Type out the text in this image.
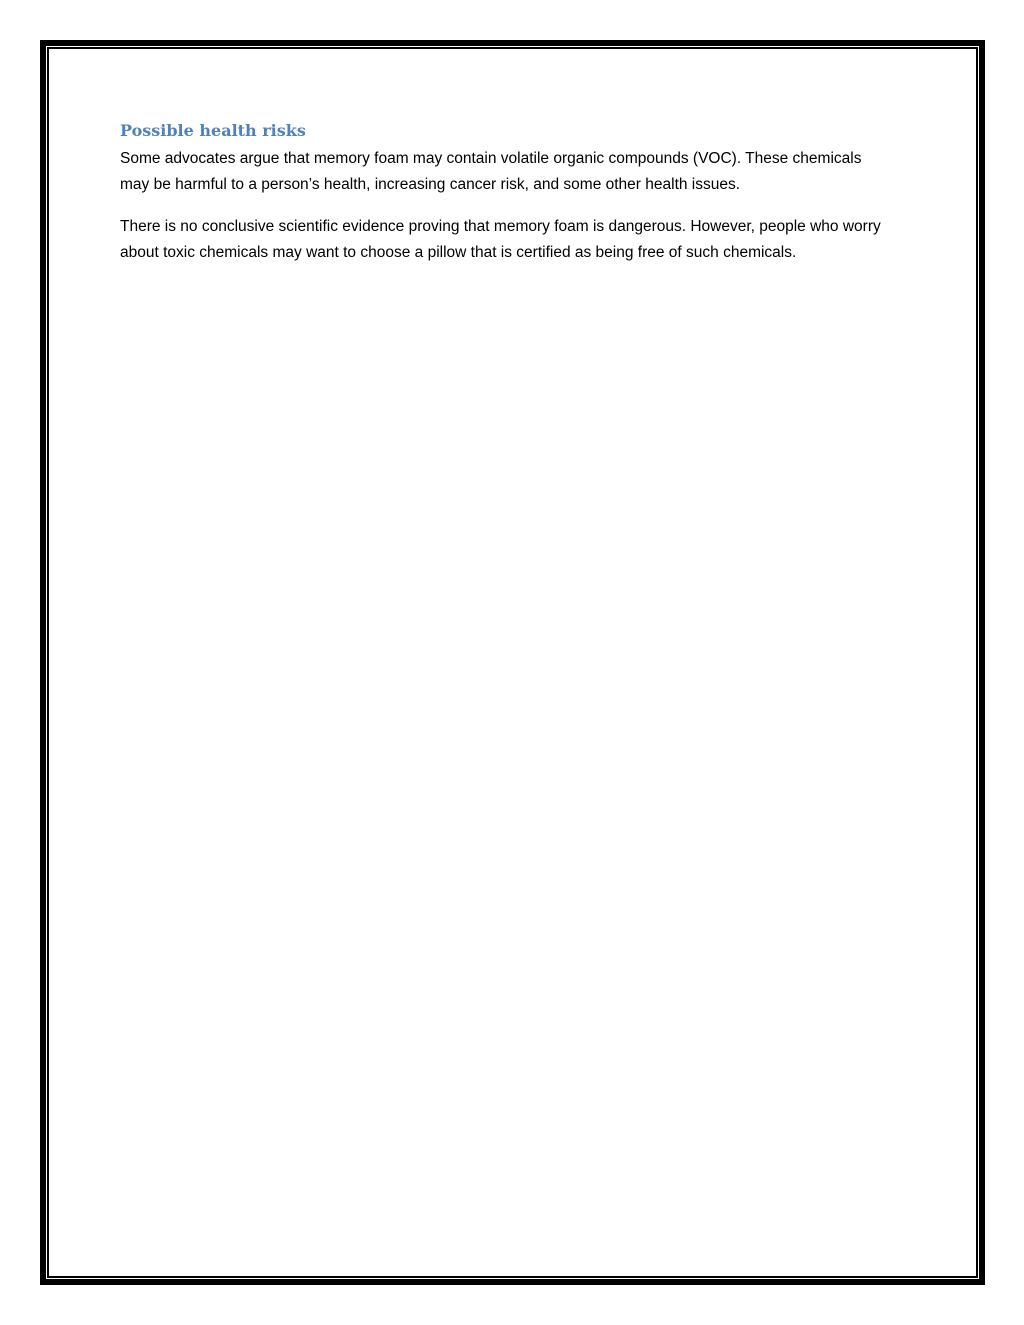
Possible health risks

Some advocates argue that memory foam may contain volatile organic compounds (VOC). These chemicals may be harmful to a person’s health, increasing cancer risk, and some other health issues.

There is no conclusive scientific evidence proving that memory foam is dangerous. However, people who worry about toxic chemicals may want to choose a pillow that is certified as being free of such chemicals.
